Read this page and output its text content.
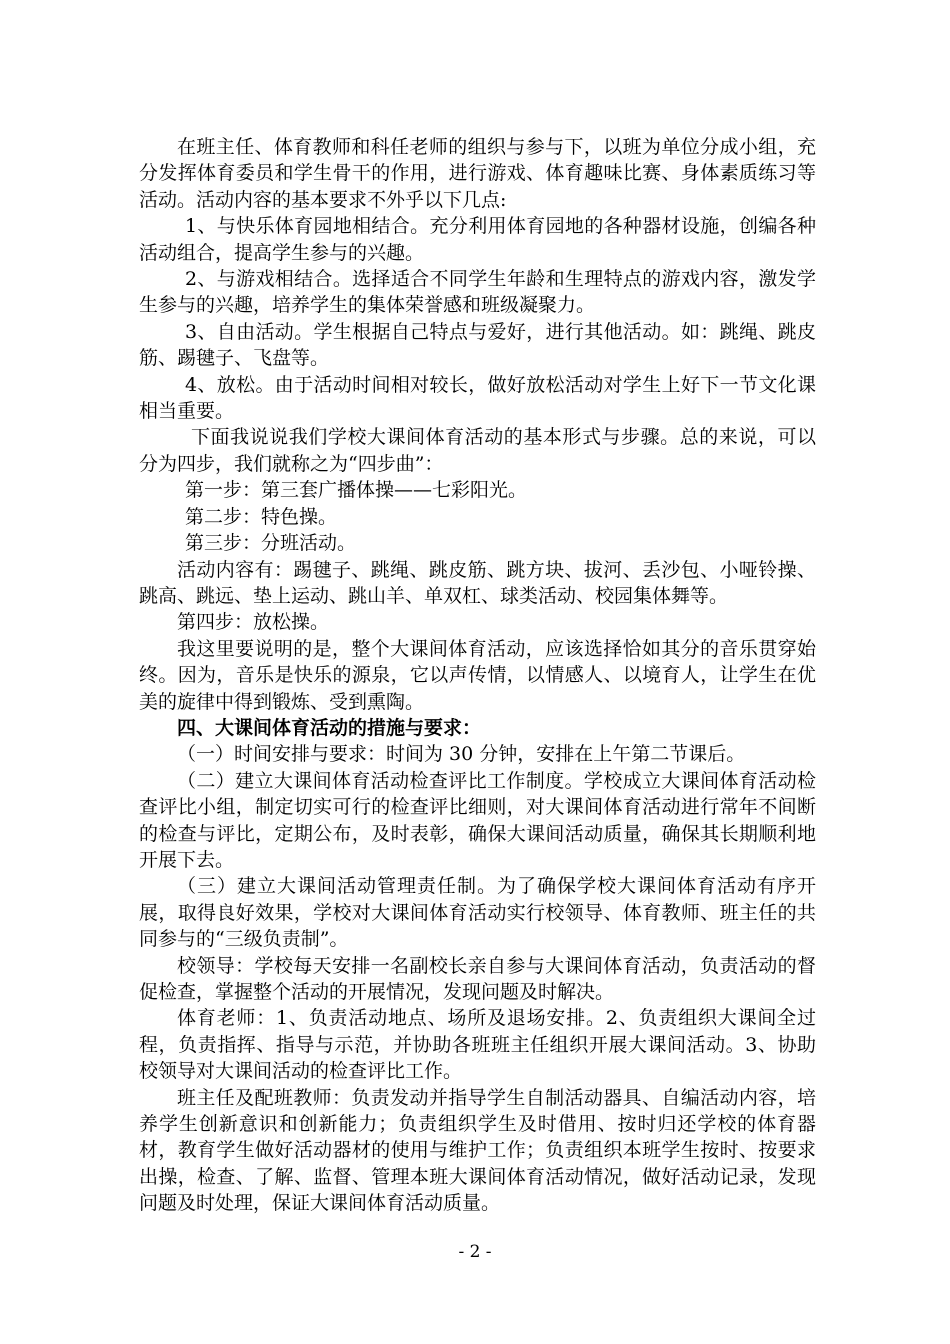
在班主任、体育教师和科任老师的组织与参与下，以班为单位分成小组，充分发挥体育委员和学生骨干的作用，进行游戏、体育趣味比赛、身体素质练习等活动。活动内容的基本要求不外乎以下几点:

1、与快乐体育园地相结合。充分利用体育园地的各种器材设施，创编各种活动组合，提高学生参与的兴趣。

2、与游戏相结合。选择适合不同学生年龄和生理特点的游戏内容，激发学生参与的兴趣，培养学生的集体荣誉感和班级凝聚力。

3、自由活动。学生根据自己特点与爱好，进行其他活动。如：跳绳、跳皮筋、踢毽子、飞盘等。

4、放松。由于活动时间相对较长，做好放松活动对学生上好下一节文化课相当重要。

下面我说说我们学校大课间体育活动的基本形式与步骤。总的来说，可以分为四步，我们就称之为“四步曲”：

第一步：第三套广播体操——七彩阳光。

第二步：特色操。

第三步：分班活动。

活动内容有：踢毽子、跳绳、跳皮筋、跳方块、拔河、丢沙包、小哑铃操、跳高、跳远、垫上运动、跳山羊、单双杠、球类活动、校园集体舞等。

第四步：放松操。

我这里要说明的是，整个大课间体育活动，应该选择恰如其分的音乐贯穿始终。因为，音乐是快乐的源泉，它以声传情，以情感人、以境育人，让学生在优美的旋律中得到锻炼、受到熏陶。

四、大课间体育活动的措施与要求：

（一）时间安排与要求：时间为 30 分钟，安排在上午第二节课后。

（二）建立大课间体育活动检查评比工作制度。学校成立大课间体育活动检查评比小组，制定切实可行的检查评比细则，对大课间体育活动进行常年不间断的检查与评比，定期公布，及时表彰，确保大课间活动质量，确保其长期顺利地开展下去。

（三）建立大课间活动管理责任制。为了确保学校大课间体育活动有序开展，取得良好效果，学校对大课间体育活动实行校领导、体育教师、班主任的共同参与的“三级负责制”。

校领导：学校每天安排一名副校长亲自参与大课间体育活动，负责活动的督促检查，掌握整个活动的开展情况，发现问题及时解决。

体育老师：1、负责活动地点、场所及退场安排。2、负责组织大课间全过程，负责指挥、指导与示范，并协助各班班主任组织开展大课间活动。3、协助校领导对大课间活动的检查评比工作。

班主任及配班教师：负责发动并指导学生自制活动器具、自编活动内容，培养学生创新意识和创新能力；负责组织学生及时借用、按时归还学校的体育器材，教育学生做好活动器材的使用与维护工作；负责组织本班学生按时、按要求出操，检查、了解、监督、管理本班大课间体育活动情况，做好活动记录，发现问题及时处理，保证大课间体育活动质量。

- 2 -
